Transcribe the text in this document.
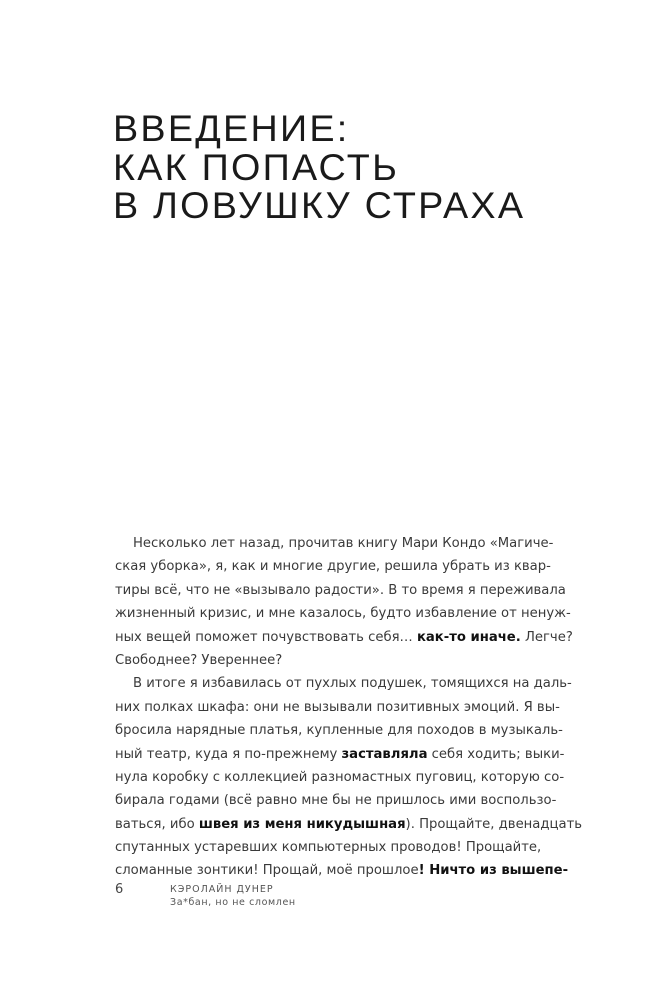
ВВЕДЕНИЕ:
КАК ПОПАСТЬ
В ЛОВУШКУ СТРАХА
Несколько лет назад, прочитав книгу Мари Кондо «Магиче-
ская уборка», я, как и многие другие, решила убрать из квар-
тиры всё, что не «вызывало радости». В то время я переживала
жизненный кризис, и мне казалось, будто избавление от ненуж-
ных вещей поможет почувствовать себя… как-то иначе. Легче?
Свободнее? Увереннее?
В итоге я избавилась от пухлых подушек, томящихся на даль-
них полках шкафа: они не вызывали позитивных эмоций. Я вы-
бросила нарядные платья, купленные для походов в музыкаль-
ный театр, куда я по-прежнему заставляла себя ходить; выки-
нула коробку с коллекцией разномастных пуговиц, которую со-
бирала годами (всё равно мне бы не пришлось ими воспользо-
ваться, ибо швея из меня никудышная). Прощайте, двенадцать
спутанных устаревших компьютерных проводов! Прощайте,
сломанные зонтики! Прощай, моё прошлое! Ничто из вышепе-
6	КЭРОЛАЙН ДУНЕР
За*бан, но не сломлен
